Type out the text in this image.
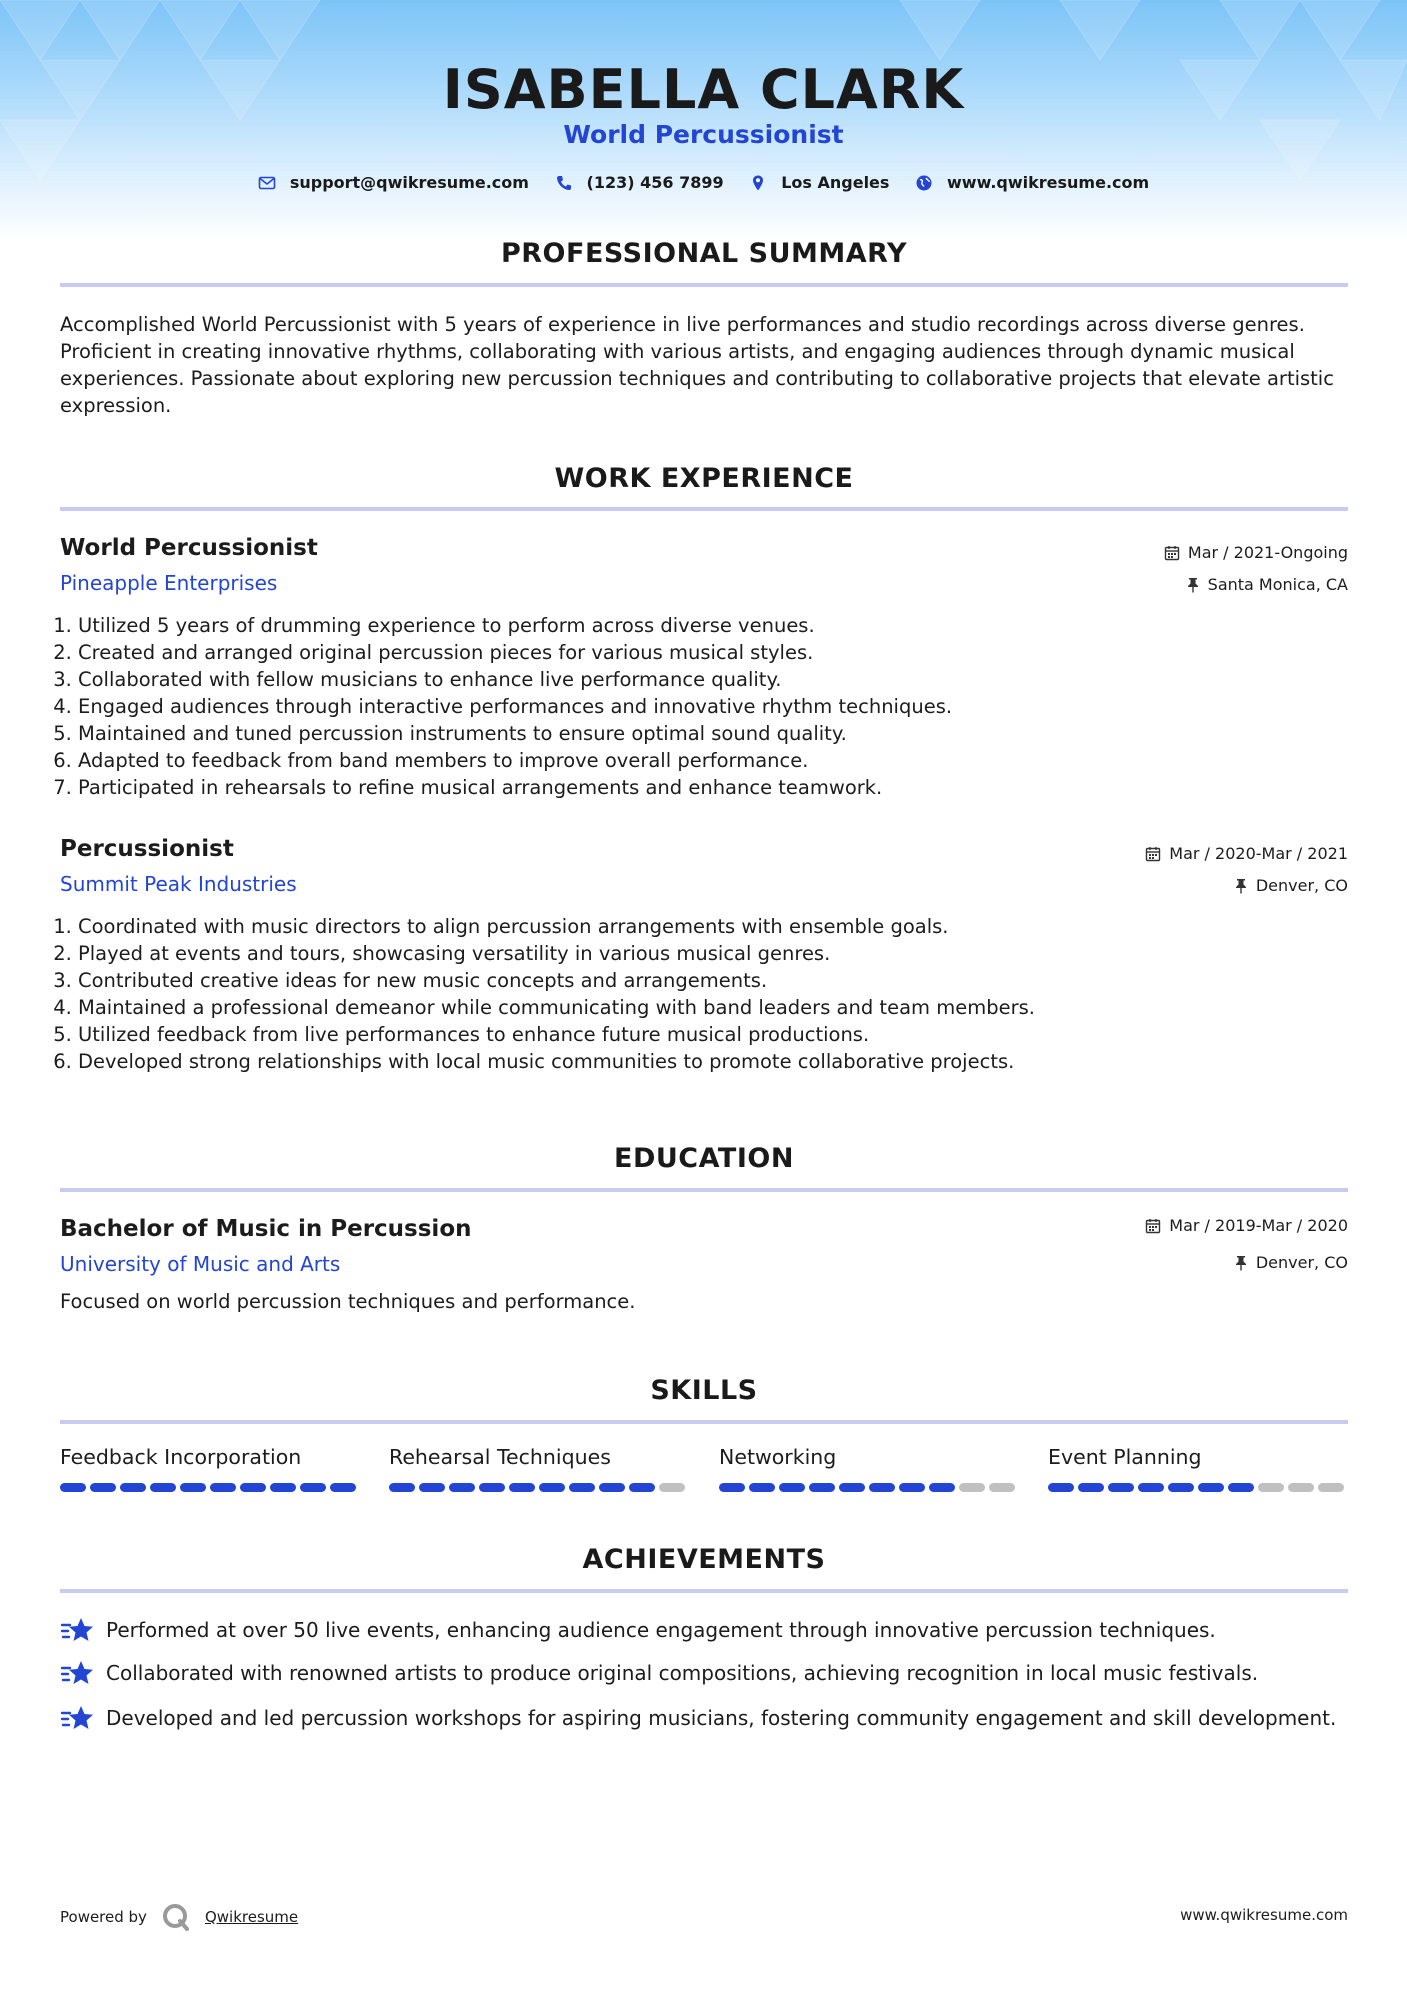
ISABELLA CLARK
World Percussionist
support@qwikresume.com
	(123) 456 7899
	Los Angeles
	www.qwikresume.com
PROFESSIONAL SUMMARY
Accomplished World Percussionist with 5 years of experience in live performances and studio recordings across diverse genres. Proficient in creating innovative rhythms, collaborating with various artists, and engaging audiences through dynamic musical experiences. Passionate about exploring new percussion techniques and contributing to collaborative projects that elevate artistic expression.
WORK EXPERIENCE
World Percussionist	Mar / 2021-Ongoing
Pineapple Enterprises	Santa Monica, CA
1. Utilized 5 years of drumming experience to perform across diverse venues.
2. Created and arranged original percussion pieces for various musical styles.
3. Collaborated with fellow musicians to enhance live performance quality.
4. Engaged audiences through interactive performances and innovative rhythm techniques.
5. Maintained and tuned percussion instruments to ensure optimal sound quality.
6. Adapted to feedback from band members to improve overall performance.
7. Participated in rehearsals to refine musical arrangements and enhance teamwork.
Percussionist	Mar / 2020-Mar / 2021
Summit Peak Industries	Denver, CO
1. Coordinated with music directors to align percussion arrangements with ensemble goals.
2. Played at events and tours, showcasing versatility in various musical genres.
3. Contributed creative ideas for new music concepts and arrangements.
4. Maintained a professional demeanor while communicating with band leaders and team members.
5. Utilized feedback from live performances to enhance future musical productions.
6. Developed strong relationships with local music communities to promote collaborative projects.
EDUCATION
Bachelor of Music in Percussion	Mar / 2019-Mar / 2020
University of Music and Arts	Denver, CO
Focused on world percussion techniques and performance.
SKILLS
Feedback Incorporation	Rehearsal Techniques	Networking	Event Planning
ACHIEVEMENTS
Performed at over 50 live events, enhancing audience engagement through innovative percussion techniques.
Collaborated with renowned artists to produce original compositions, achieving recognition in local music festivals.
Developed and led percussion workshops for aspiring musicians, fostering community engagement and skill development.
Powered by	Qwikresume	www.qwikresume.com
